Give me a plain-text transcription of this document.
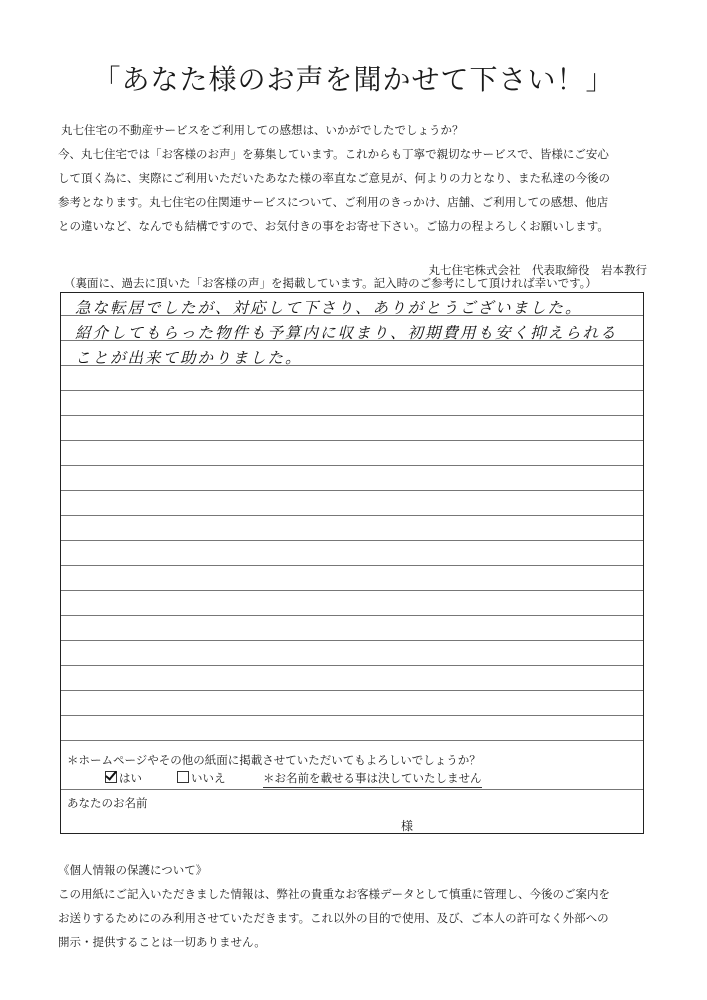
「あなた様のお声を聞かせて下さい！」

丸七住宅の不動産サービスをご利用しての感想は、いかがでしたでしょうか？

今、丸七住宅では「お客様のお声」を募集しています。これからも丁寧で親切なサービスで、皆様にご安心

して頂く為に、実際にご利用いただいたあなた様の率直なご意見が、何よりの力となり、また私達の今後の

参考となります。丸七住宅の住関連サービスについて、ご利用のきっかけ、店舗、ご利用しての感想、他店

との違いなど、なんでも結構ですので、お気付きの事をお寄せ下さい。ご協力の程よろしくお願いします。

丸七住宅株式会社　代表取締役　岩本教行
（裏面に、過去に頂いた「お客様の声」を掲載しています。記入時のご参考にして頂ければ幸いです。）
急な転居でしたが、対応して下さり、ありがとうございました。
紹介してもらった物件も予算内に収まり、初期費用も安く抑えられる
ことが出来て助かりました。
＊ホームページやその他の紙面に掲載させていただいてもよろしいでしょうか？
はい	いいえ	＊お名前を載せる事は決していたしません
あなたのお名前
様

《個人情報の保護について》

この用紙にご記入いただきました情報は、弊社の貴重なお客様データとして慎重に管理し、今後のご案内を

お送りするためにのみ利用させていただきます。これ以外の目的で使用、及び、ご本人の許可なく外部への

開示・提供することは一切ありません。
